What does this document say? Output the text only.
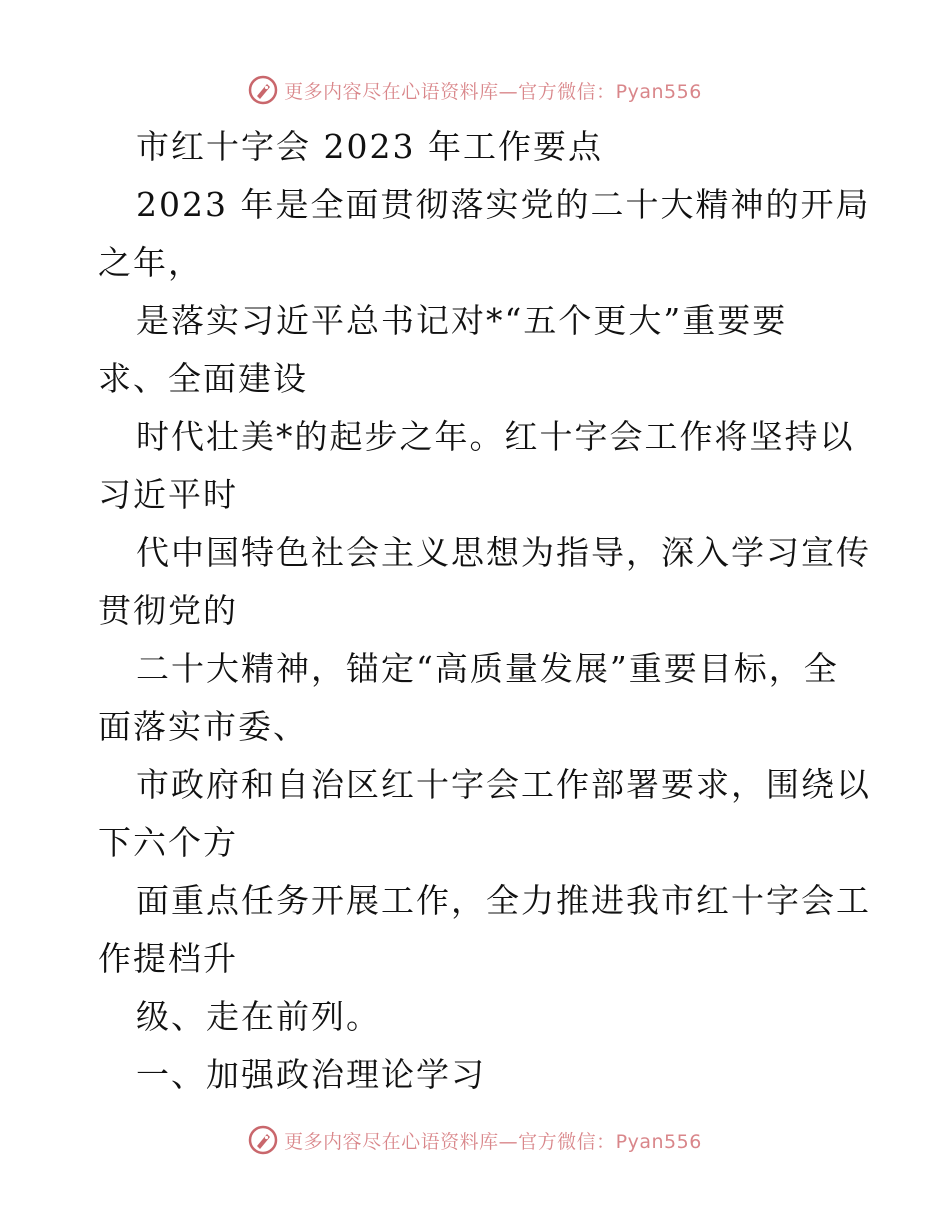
更多内容尽在心语资料库—官方微信：Pyan556
市红十字会 2023 年工作要点
2023 年是全面贯彻落实党的二十大精神的开局
之年，
是落实习近平总书记对*“五个更大”重要要
求、全面建设
时代壮美*的起步之年。红十字会工作将坚持以
习近平时
代中国特色社会主义思想为指导，深入学习宣传
贯彻党的
二十大精神，锚定“高质量发展”重要目标，全
面落实市委、
市政府和自治区红十字会工作部署要求，围绕以
下六个方
面重点任务开展工作，全力推进我市红十字会工
作提档升
级、走在前列。
一、加强政治理论学习
更多内容尽在心语资料库—官方微信：Pyan556
